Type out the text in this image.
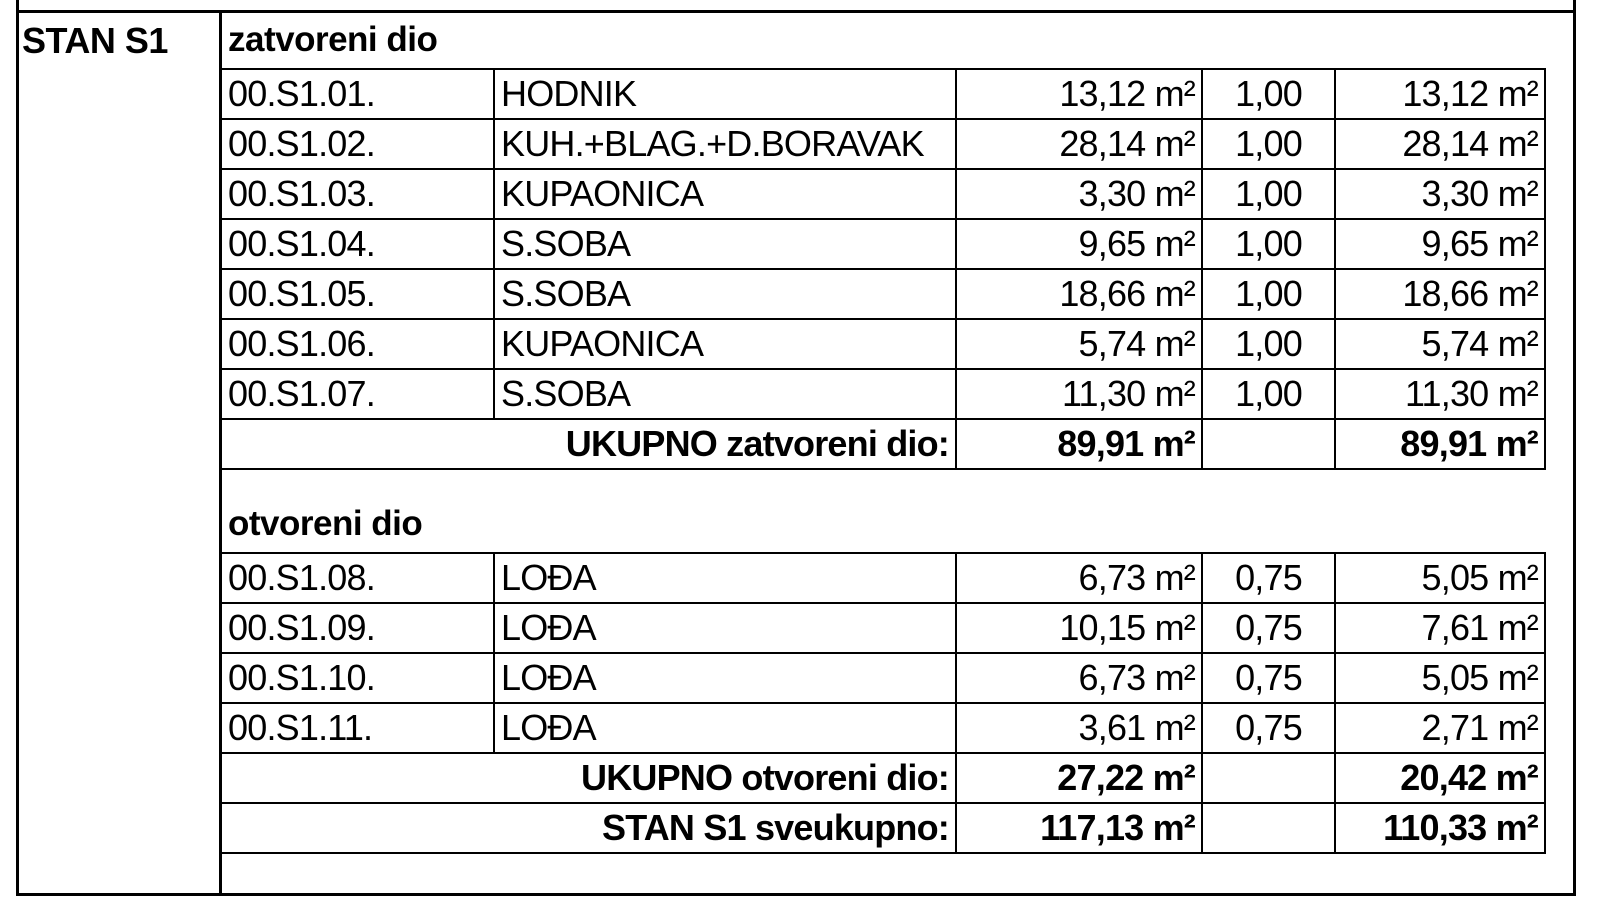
STAN S1 zatvoreni dio
00.S1.01.	HODNIK	13,12 m²	1,00	13,12 m²
00.S1.02.	KUH.+BLAG.+D.BORAVAK	28,14 m²	1,00	28,14 m²
00.S1.03.	KUPAONICA	3,30 m²	1,00	3,30 m²
00.S1.04.	S.SOBA	9,65 m²	1,00	9,65 m²
00.S1.05.	S.SOBA	18,66 m²	1,00	18,66 m²
00.S1.06.	KUPAONICA	5,74 m²	1,00	5,74 m²
00.S1.07.	S.SOBA	11,30 m²	1,00	11,30 m²
UKUPNO zatvoreni dio:		89,91 m²		89,91 m²
otvoreni dio
00.S1.08.	LOĐA	6,73 m²	0,75	5,05 m²
00.S1.09.	LOĐA	10,15 m²	0,75	7,61 m²
00.S1.10.	LOĐA	6,73 m²	0,75	5,05 m²
00.S1.11.	LOĐA	3,61 m²	0,75	2,71 m²
UKUPNO otvoreni dio:		27,22 m²		20,42 m²
STAN S1 sveukupno:		117,13 m²		110,33 m²
